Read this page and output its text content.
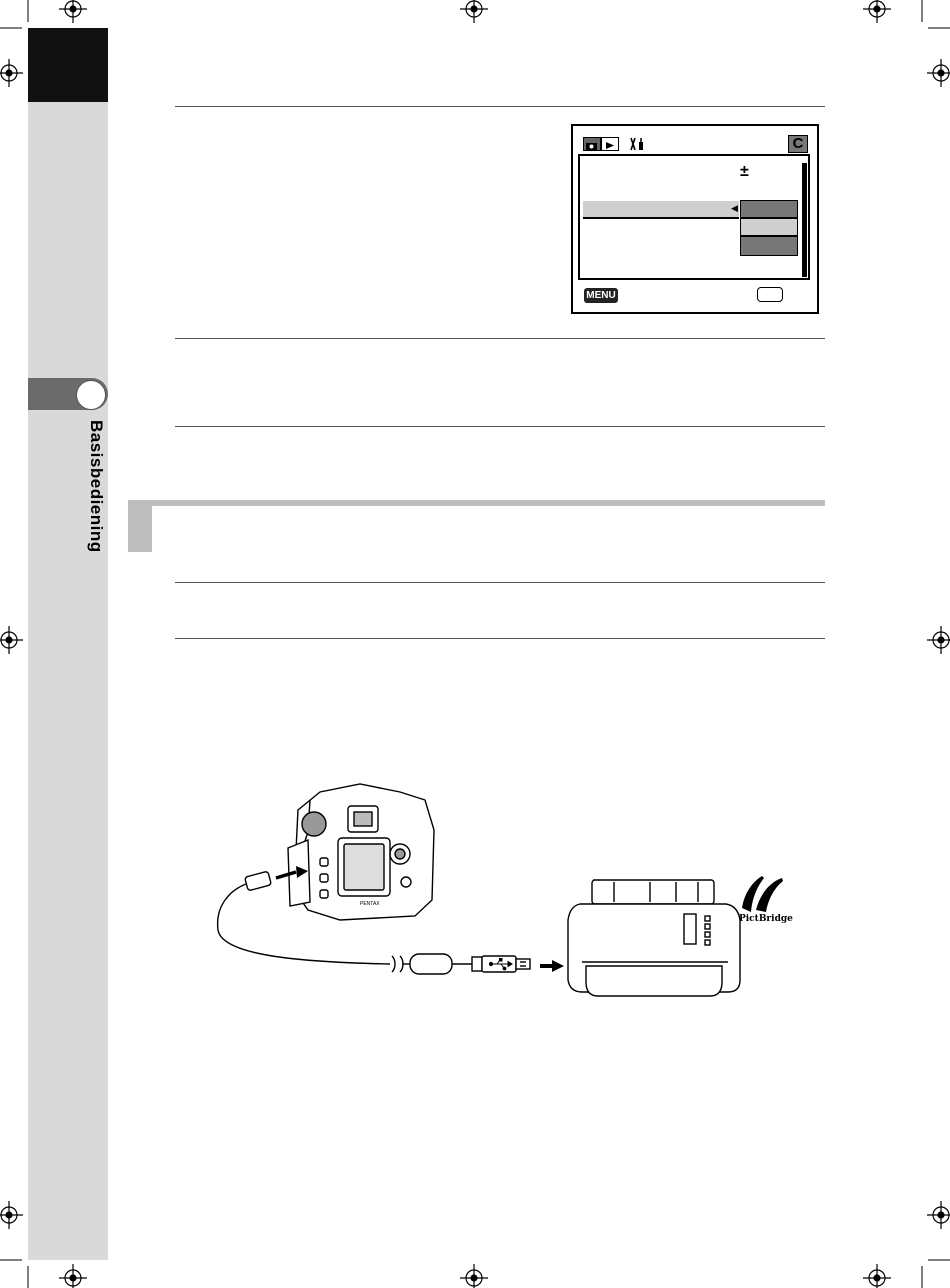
Basisbediening
C
±
◀
MENU
PENTAX
PictBridge
